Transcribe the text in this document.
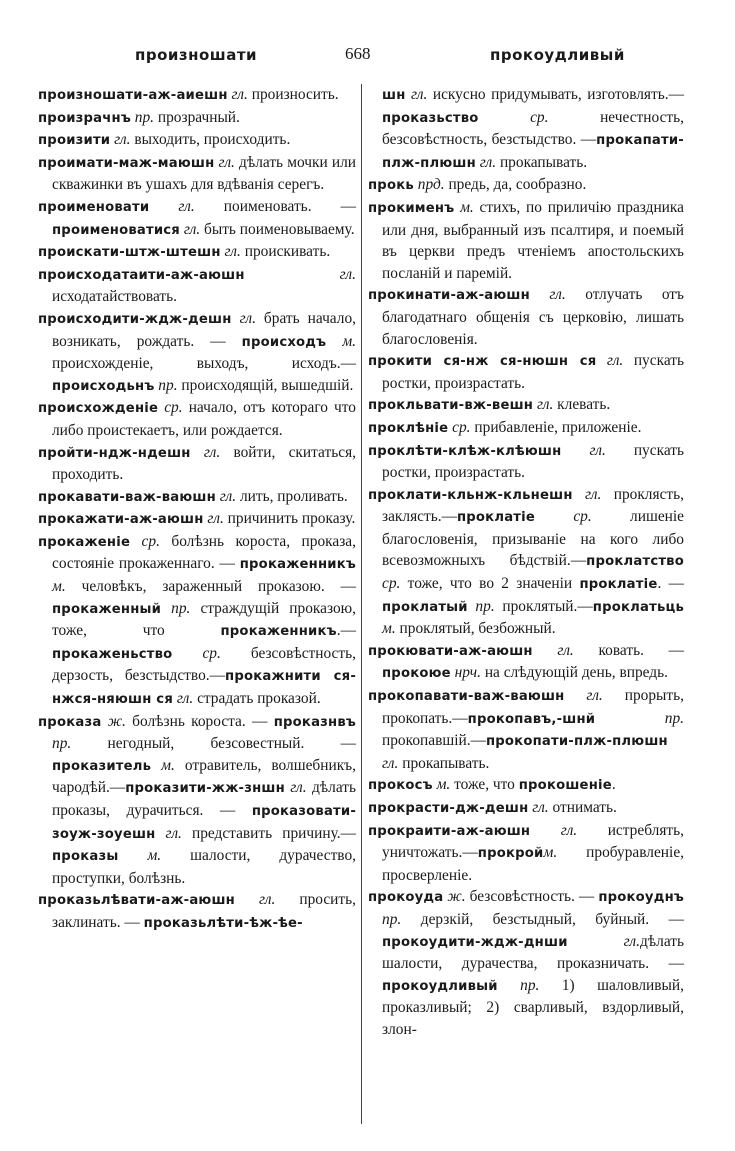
произношати	668	прокоудливый

произношати-аж-аиешн гл. произносить.

произрачнъ пр. прозрачный.

произити гл. выходить, происходить.

проимати-маж-маюшн гл. дѣлать мочки или скважинки въ ушахъ для вдѣванія серегъ.

проименовати гл. поименовать. — проименоватися гл. быть поименовываему.

проискати-штж-штешн гл. проискивать.

происходатаити-аж-аюшн гл. исходатайствовать.

происходити-ждж-дешн гл. брать начало, возникать, рождать. — происходъ м. происхожденіе, выходъ, исходъ.—происходьнъ пр. происходящій, вышедшій.

происхожденіе ср. начало, отъ котораго что либо проистекаетъ, или рождается.

пройти-ндж-ндешн гл. войти, скитаться, проходить.

прокавати-важ-ваюшн гл. лить, проливать.

прокажати-аж-аюшн гл. причинить проказу.

прокаженіе ср. болѣзнь короста, проказа, состояніе прокаженнаго. — прокаженникъ м. человѣкъ, зараженный проказою. — прокаженный пр. страждущій проказою, тоже, что прокаженникъ.—прокаженьство ср. безсовѣстность, дерзость, безстыдство.—прокажнити ся-нжся-няюшн ся гл. страдать проказой.

проказа ж. болѣзнь короста. — проказнвъ пр. негодный, безсовестный. —проказитель м. отравитель, волшебникъ, чародѣй.—проказити-жж-зншн гл. дѣлать проказы, дурачиться. — проказовати-зоуж-зоуешн гл. представить причину.—проказы м. шалости, дурачество, проступки, болѣзнь.

проказьлѣвати-аж-аюшн гл. просить, заклинать. — проказьлѣти-ѣж-ѣе-

шн гл. искусно придумывать, изготовлять.—проказьство ср. нечестность, безсовѣстность, безстыдство. —прокапати-плж-плюшн гл. прокапывать.

прокь прд. предь, да, сообразно.

прокименъ м. стихъ, по приличію праздника или дня, выбранный изъ псалтиря, и поемый въ церкви предъ чтеніемъ апостольскихъ посланій и паремій.

прокинати-аж-аюшн гл. отлучать отъ благодатнаго общенія съ церковію, лишать благословенія.

прокити ся-нж ся-нюшн ся гл. пускать ростки, произрастать.

прокльвати-вж-вешн гл. клевать.

проклѣніе ср. прибавленіе, приложеніе.

проклѣти-клѣж-клѣюшн гл. пускать ростки, произрастать.

проклати-кльнж-кльнешн гл. проклясть, заклясть.—проклатіе ср. лишеніе благословенія, призываніе на кого либо всевозможныхъ бѣдствій.—проклатство ср. тоже, что во 2 значеніи проклатіе. — проклатый пр. проклятый.—проклатьць м. проклятый, безбожный.

прокювати-аж-аюшн гл. ковать. — прокоюе нрч. на слѣдующій день, впредь.

прокопавати-важ-ваюшн гл. прорыть, прокопать.—прокопавъ,-шнй пр. прокопавшій.—прокопати-плж-плюшн гл. прокапывать.

прокосъ м. тоже, что прокошеніе.

прокрасти-дж-дешн гл. отнимать.

прокраити-аж-аюшн гл. истреблять, уничтожать.—прокройм. пробуравленіе, просверленіе.

прокоуда ж. безсовѣстность. — прокоуднъ пр. дерзкій, безстыдный, буйный. — прокоудити-ждж-днши гл.дѣлать шалости, дурачества, проказничать. — прокоудливый пр. 1) шаловливый, проказливый; 2) сварливый, вздорливый, злон-
